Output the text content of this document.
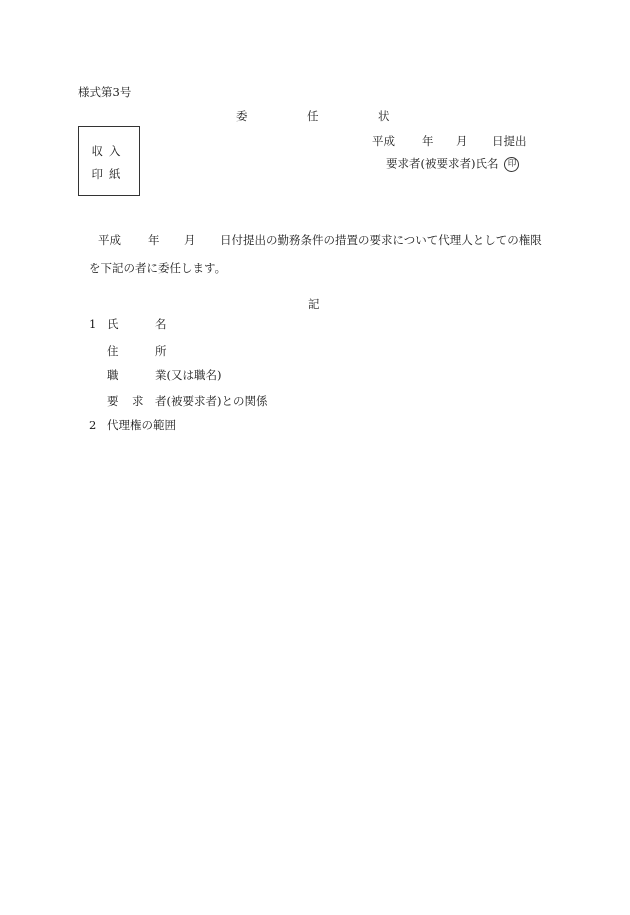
様式第3号
委	任	状
収入
印紙
平成 年 月 日提出
要求者(被要求者)氏名 印
平成 年 月 日付提出の勤務条件の措置の要求について代理人としての権限
を下記の者に委任します。
記
1 氏	名
住	所
職	業(又は職名)
要 求 者(被要求者)との関係
2 代理権の範囲
